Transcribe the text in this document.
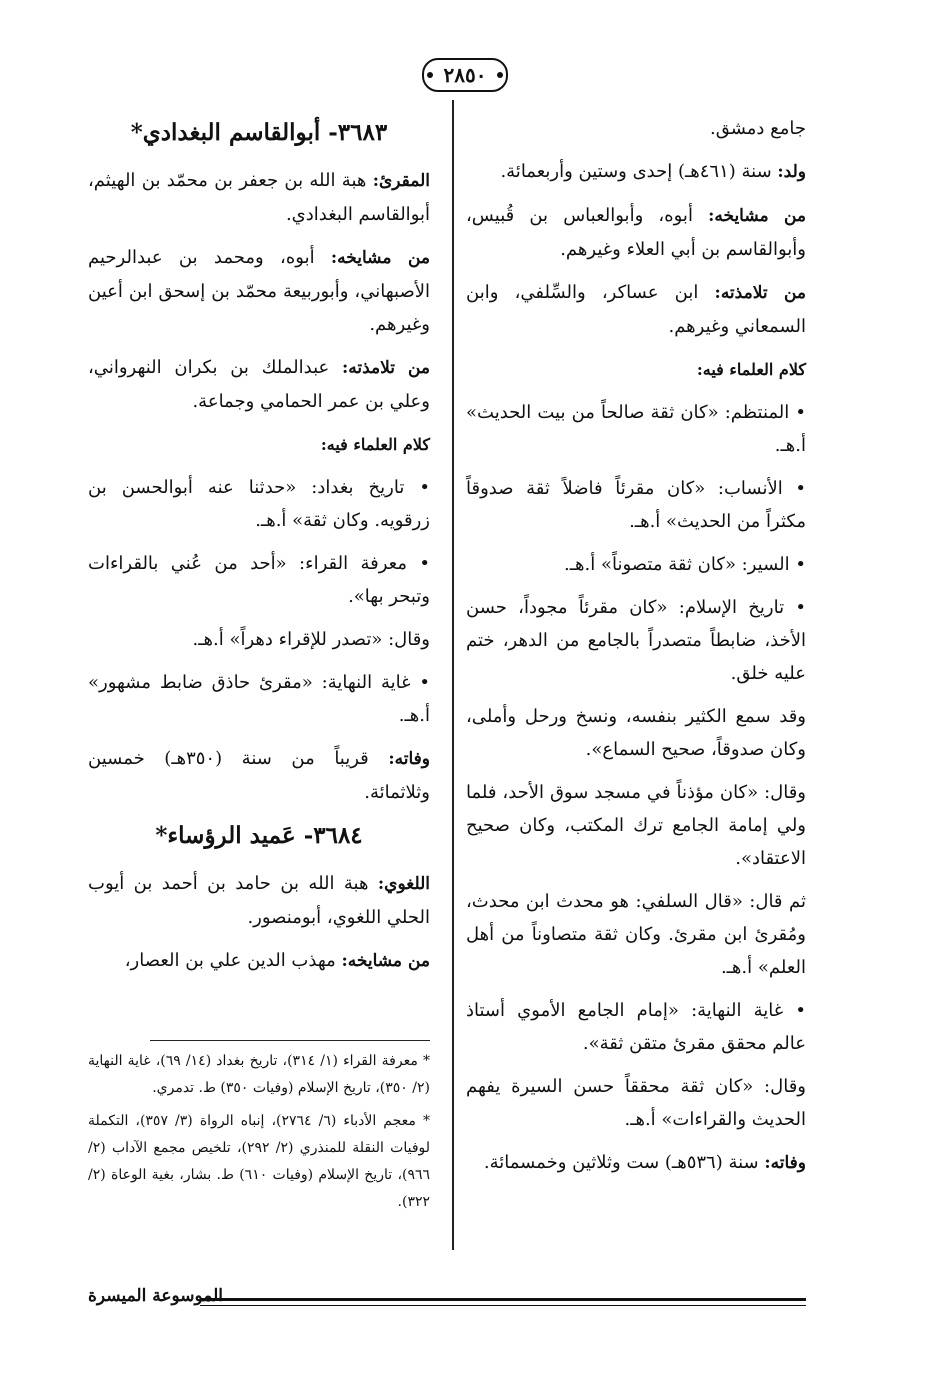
٢٨٥٠

جامع دمشق.

ولد: سنة (٤٦١هـ) إحدى وستين وأربعمائة.

من مشايخه: أبوه، وأبوالعباس بن قُبيس، وأبوالقاسم بن أبي العلاء وغيرهم.

من تلامذته: ابن عساكر، والسِّلفي، وابن السمعاني وغيرهم.

كلام العلماء فيه:

• المنتظم: «كان ثقة صالحاً من بيت الحديث» أ.هـ.

• الأنساب: «كان مقرئاً فاضلاً ثقة صدوقاً مكثراً من الحديث» أ.هـ.

• السير: «كان ثقة متصوناً» أ.هـ.

• تاريخ الإسلام: «كان مقرئاً مجوداً، حسن الأخذ، ضابطاً متصدراً بالجامع من الدهر، ختم عليه خلق.

وقد سمع الكثير بنفسه، ونسخ ورحل وأملى، وكان صدوقاً، صحيح السماع».

وقال: «كان مؤذناً في مسجد سوق الأحد، فلما ولي إمامة الجامع ترك المكتب، وكان صحيح الاعتقاد».

ثم قال: «قال السلفي: هو محدث ابن محدث، ومُقرئ ابن مقرئ. وكان ثقة متصاوناً من أهل العلم» أ.هـ.

• غاية النهاية: «إمام الجامع الأموي أستاذ عالم محقق مقرئ متقن ثقة».

وقال: «كان ثقة محققاً حسن السيرة يفهم الحديث والقراءات» أ.هـ.

وفاته: سنة (٥٣٦هـ) ست وثلاثين وخمسمائة.

٣٦٨٣- أبوالقاسم البغدادي*

المقرئ: هبة الله بن جعفر بن محمّد بن الهيثم، أبوالقاسم البغدادي.

من مشايخه: أبوه، ومحمد بن عبدالرحيم الأصبهاني، وأبوربيعة محمّد بن إسحق ابن أعين وغيرهم.

من تلامذته: عبدالملك بن بكران النهرواني، وعلي بن عمر الحمامي وجماعة.

كلام العلماء فيه:

• تاريخ بغداد: «حدثنا عنه أبوالحسن بن زرقويه. وكان ثقة» أ.هـ.

• معرفة القراء: «أحد من عُني بالقراءات وتبحر بها».

وقال: «تصدر للإقراء دهراً» أ.هـ.

• غاية النهاية: «مقرئ حاذق ضابط مشهور» أ.هـ.

وفاته: قريباً من سنة (٣٥٠هـ) خمسين وثلاثمائة.

٣٦٨٤- عَميد الرؤساء*

اللغوي: هبة الله بن حامد بن أحمد بن أيوب الحلي اللغوي، أبومنصور.

من مشايخه: مهذب الدين علي بن العصار،

* معرفة القراء (١/ ٣١٤)، تاريخ بغداد (١٤/ ٦٩)، غاية النهاية (٢/ ٣٥٠)، تاريخ الإسلام (وفيات ٣٥٠) ط. تدمري.

* معجم الأدباء (٦/ ٢٧٦٤)، إنباه الرواة (٣/ ٣٥٧)، التكملة لوفيات النقلة للمنذري (٢/ ٢٩٢)، تلخيص مجمع الآداب (٢/ ٩٦٦)، تاريخ الإسلام (وفيات ٦١٠) ط. بشار، بغية الوعاة (٢/ ٣٢٢).

الموسوعة الميسرة
